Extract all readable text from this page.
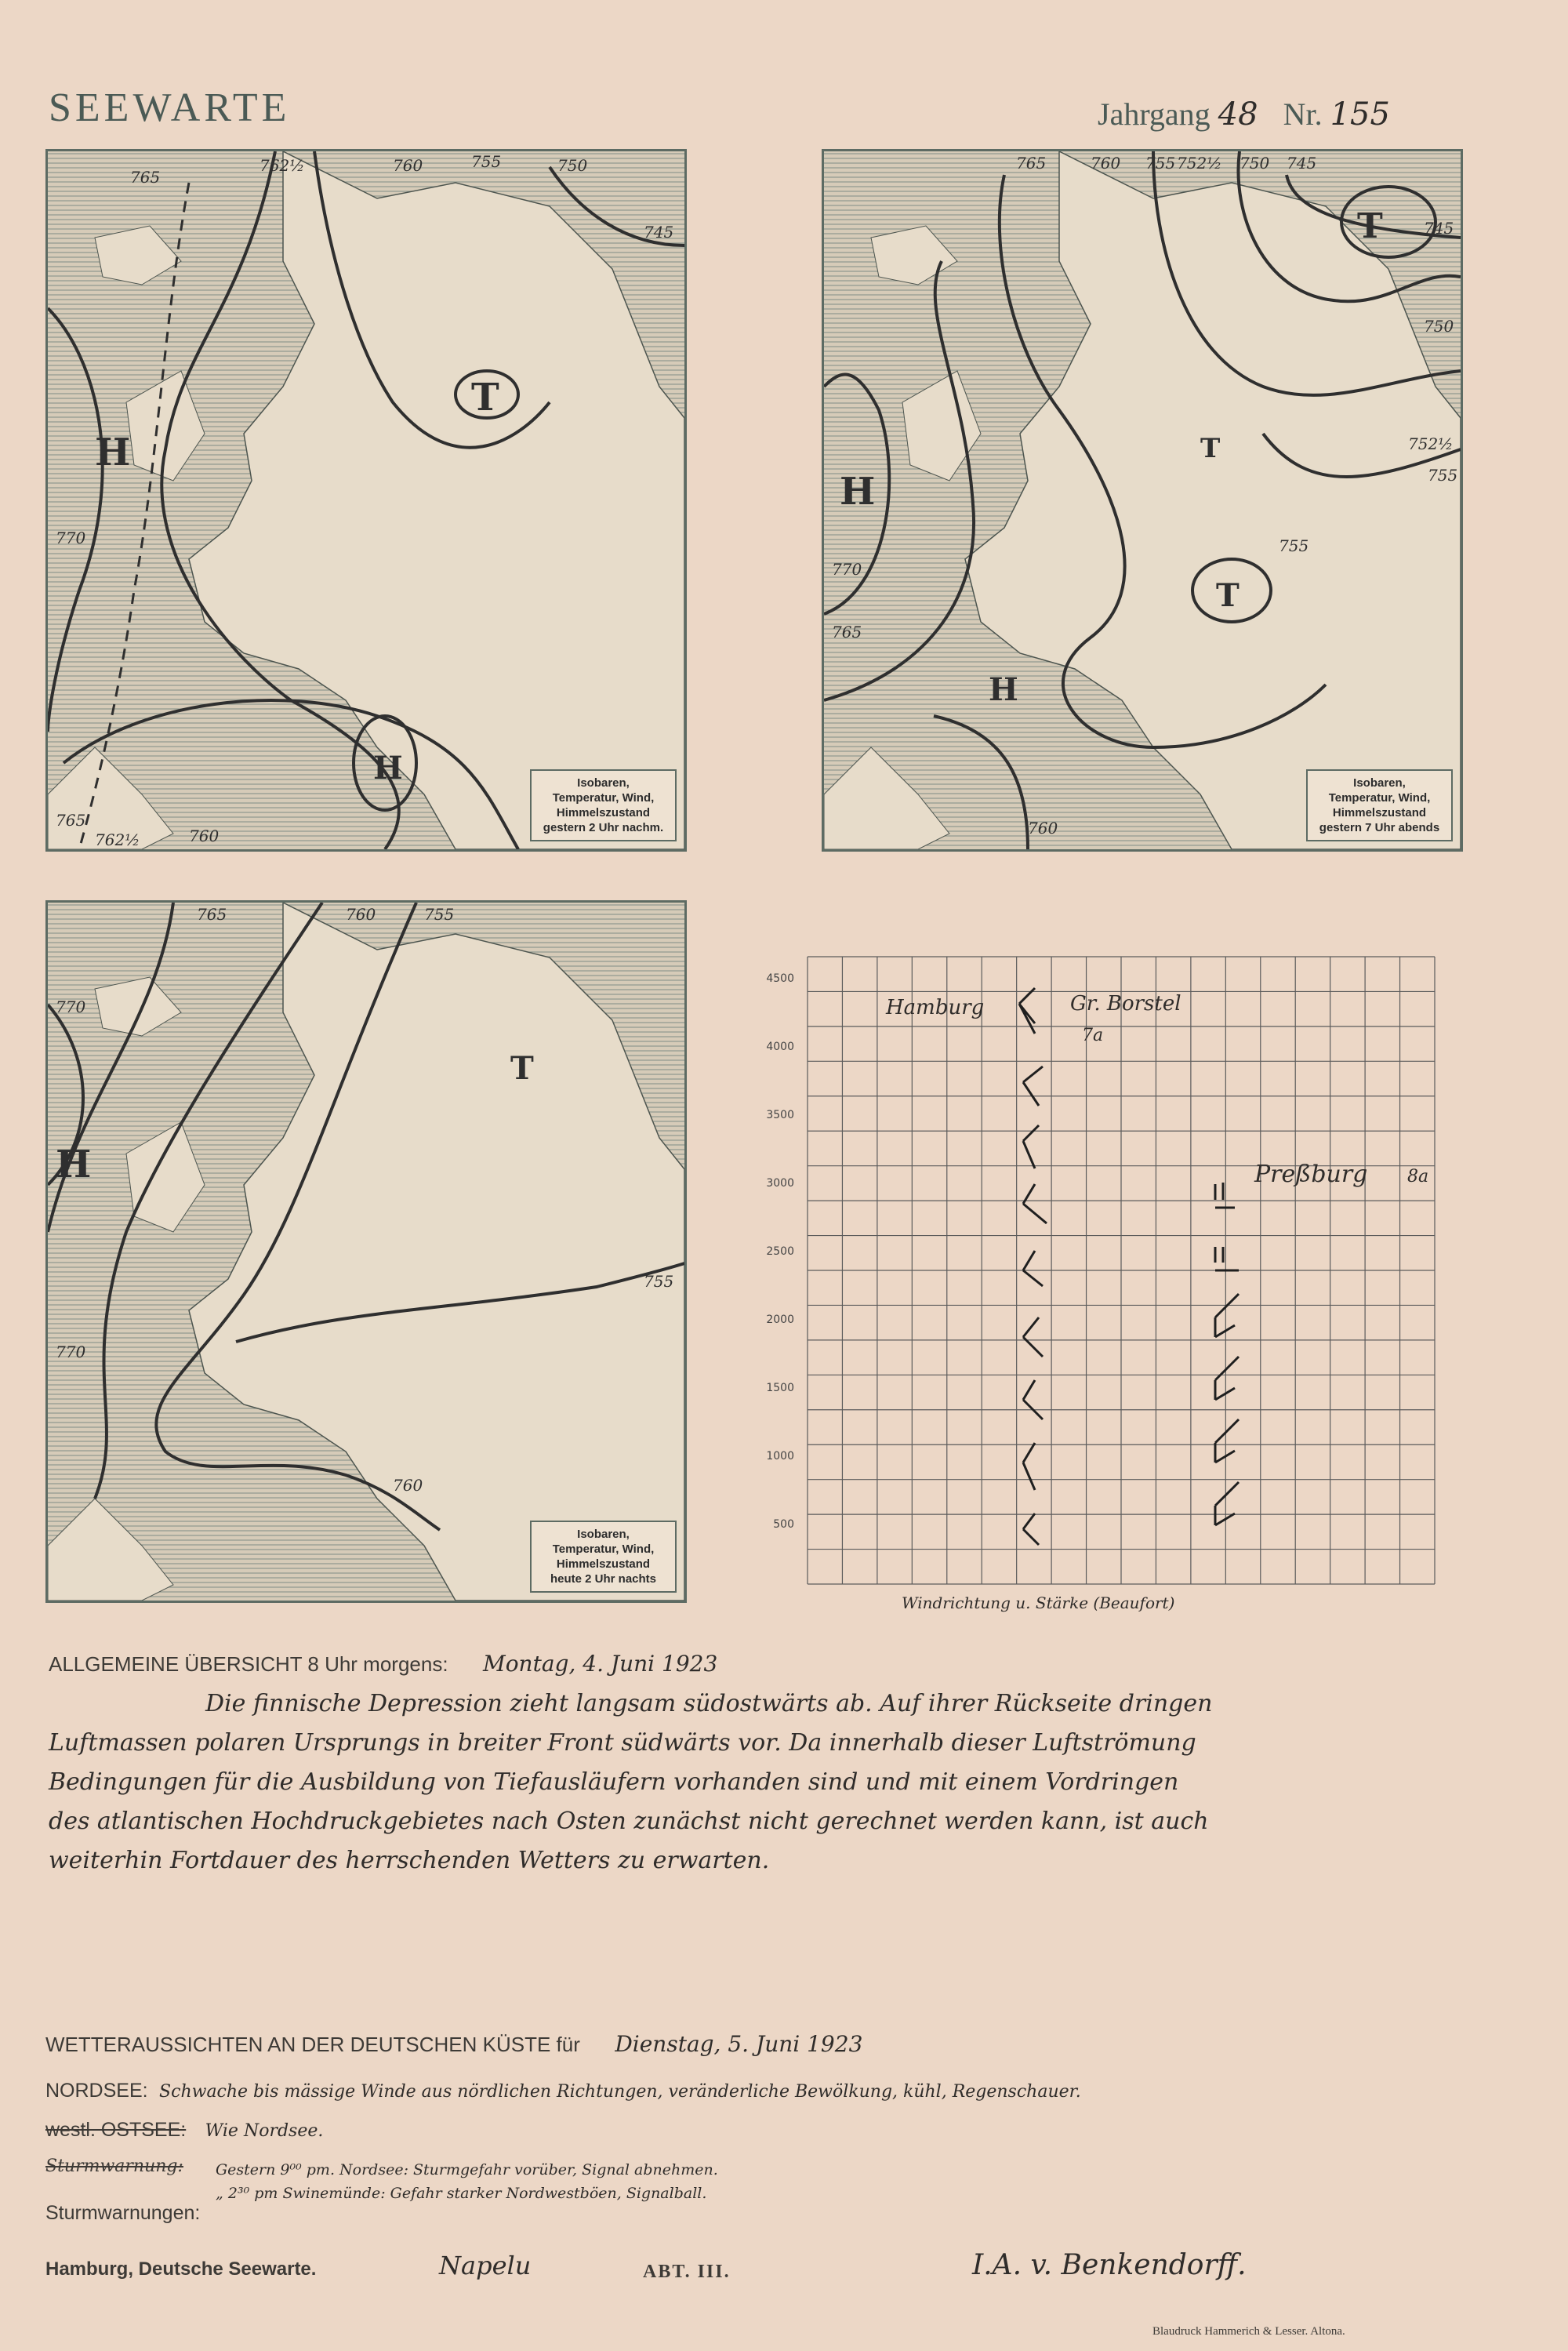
SEEWARTE	Jahrgang 48 Nr. 155
H
T
H
762½
765
760	755	750
745
770
765
762½	760
Isobaren,
Temperatur, Wind,
Himmelszustand
gestern 2 Uhr nachm.
T
H
T
H
T
765	760 755 752½ 750 745
745
750
752½
755
755
760
765
770
Isobaren,
Temperatur, Wind,
Himmelszustand
gestern 7 Uhr abends
H
T
765	760	755
770
770
755
760
Isobaren,
Temperatur, Wind,
Himmelszustand
heute 2 Uhr nachts
4500
4000
3500
3000
2500
2000
1500
1000
500
Hamburg	Gr. Borstel
7a
Preßburg 8a
Windrichtung u. Stärke (Beaufort)
ALLGEMEINE ÜBERSICHT 8 Uhr morgens: Montag, 4. Juni 1923
Die finnische Depression zieht langsam südostwärts ab. Auf ihrer Rückseite dringen
Luftmassen polaren Ursprungs in breiter Front südwärts vor. Da innerhalb dieser Luftströmung
Bedingungen für die Ausbildung von Tiefausläufern vorhanden sind und mit einem Vordringen
des atlantischen Hochdruckgebietes nach Osten zunächst nicht gerechnet werden kann, ist auch
weiterhin Fortdauer des herrschenden Wetters zu erwarten.
WETTERAUSSICHTEN AN DER DEUTSCHEN KÜSTE für Dienstag, 5. Juni 1923
NORDSEE: Schwache bis mässige Winde aus nördlichen Richtungen, veränderliche Bewölkung, kühl, Regenschauer.
westl. OSTSEE: Wie Nordsee.
Sturmwarnung: Gestern 9⁰⁰ pm. Nordsee: Sturmgefahr vorüber, Signal abnehmen.
„ 2³⁰ pm Swinemünde: Gefahr starker Nordwestböen, Signalball.
Sturmwarnungen:
Hamburg, Deutsche Seewarte.	Napelu	ABT. III.	I.A. v. Benkendorff.
Blaudruck Hammerich & Lesser. Altona.
